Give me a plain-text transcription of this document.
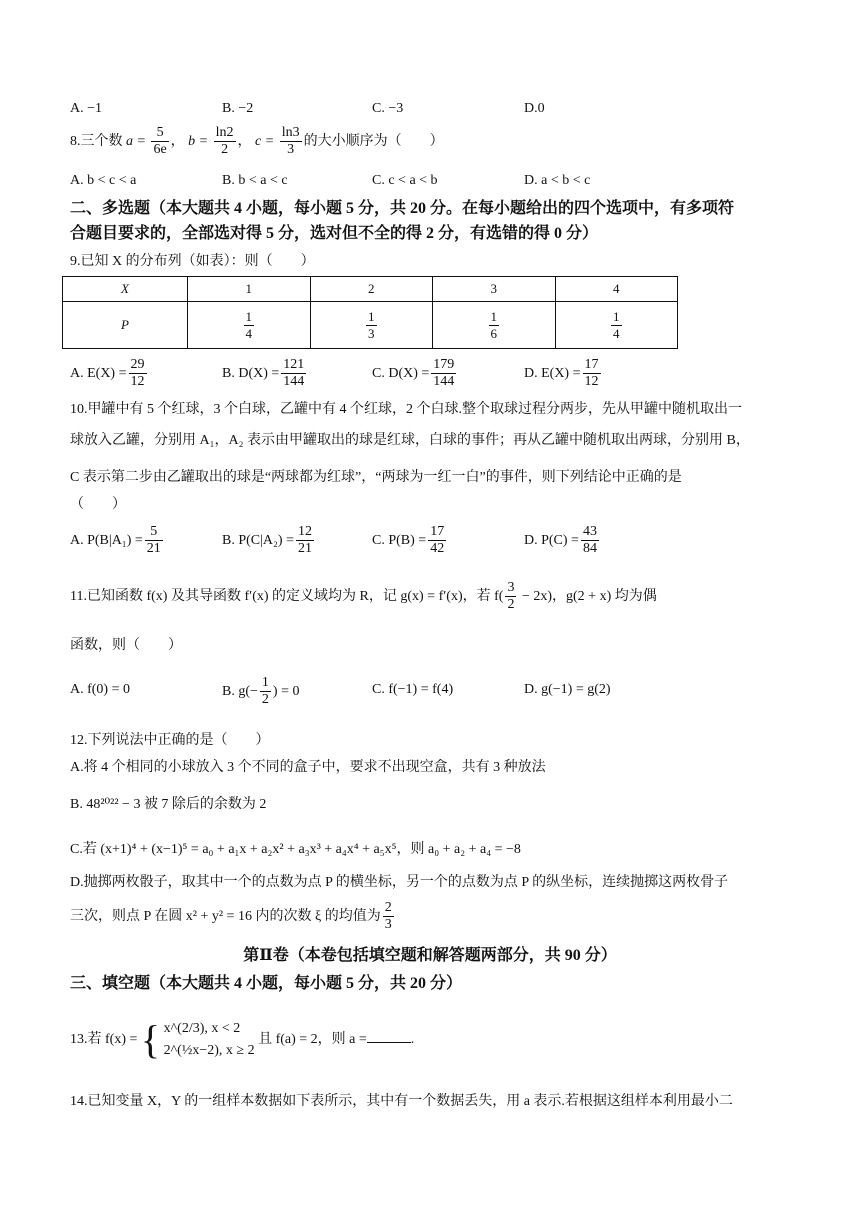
A. −1	B. −2	C. −3	D.0
8.三个数 $a = \frac{5}{6e}$ ， $b = \frac{\ln 2}{2}$ ， $c = \frac{\ln 3}{3}$ 的大小顺序为（　　）
A. b < c < a	B. b < a < c	C. c < a < b	D. a < b < c
二、多选题（本大题共 4 小题，每小题 5 分，共 20 分。在每小题给出的四个选项中，有多项符
合题目要求的，全部选对得 5 分，选对但不全的得 2 分，有选错的得 0 分）
9.已知 X 的分布列（如表）：则（　　）
X	1	2	3	4
P	$\frac{1}{4}$	$\frac{1}{3}$	$\frac{1}{6}$	$\frac{1}{4}$
A. $E(X) = \frac{29}{12}$	B. $D(X) = \frac{121}{144}$	C. $D(X) = \frac{179}{144}$	D. $E(X) = \frac{17}{12}$
10.甲罐中有 5 个红球，3 个白球，乙罐中有 4 个红球，2 个白球.整个取球过程分两步，先从甲罐中随机取出一
球放入乙罐，分别用 A₁，A₂ 表示由甲罐取出的球是红球，白球的事件；再从乙罐中随机取出两球，分别用 B，
C 表示第二步由乙罐取出的球是“两球都为红球”，“两球为一红一白”的事件，则下列结论中正确的是
（　　）
A. $P(B|A_1) = \frac{5}{21}$	B. $P(C|A_2) = \frac{12}{21}$	C. $P(B) = \frac{17}{42}$	D. $P(C) = \frac{43}{84}$
11.已知函数 f(x) 及其导函数 f′(x) 的定义域均为 R，记 g(x) = f′(x)，若 $f( \frac{3}{2} - 2x)$，g(2 + x) 均为偶
函数，则（　　）
A. f(0) = 0	B. $g(- \frac{1}{2}$ ) = 0	C. f(−1) = f(4)	D. g(−1) = g(2)
12.下列说法中正确的是（　　）
A.将 4 个相同的小球放入 3 个不同的盒子中，要求不出现空盒，共有 3 种放法
B. 48²⁰²² − 3 被 7 除后的余数为 2
C.若 (x+1)⁴ + (x−1)⁵ = a₀ + a₁x + a₂x² + a₃x³ + a₄x⁴ + a₅x⁵，则 a₀ + a₂ + a₄ = −8
D.抛掷两枚骰子，取其中一个的点数为点 P 的横坐标，另一个的点数为点 P 的纵坐标，连续抛掷这两枚骨子
三次，则点 P 在圆 x² + y² = 16 内的次数 ξ 的均值为 $\frac{2}{3}$
第Ⅱ卷（本卷包括填空题和解答题两部分，共 90 分）
三、填空题（本大题共 4 小题，每小题 5 分，共 20 分）
13.若 f(x) = { x^(2/3), x < 2
2^(½x−2), x ≥ 2
且 f(a) = 2，则 a =	.
14.已知变量 X，Y 的一组样本数据如下表所示，其中有一个数据丢失，用 a 表示.若根据这组样本利用最小二
